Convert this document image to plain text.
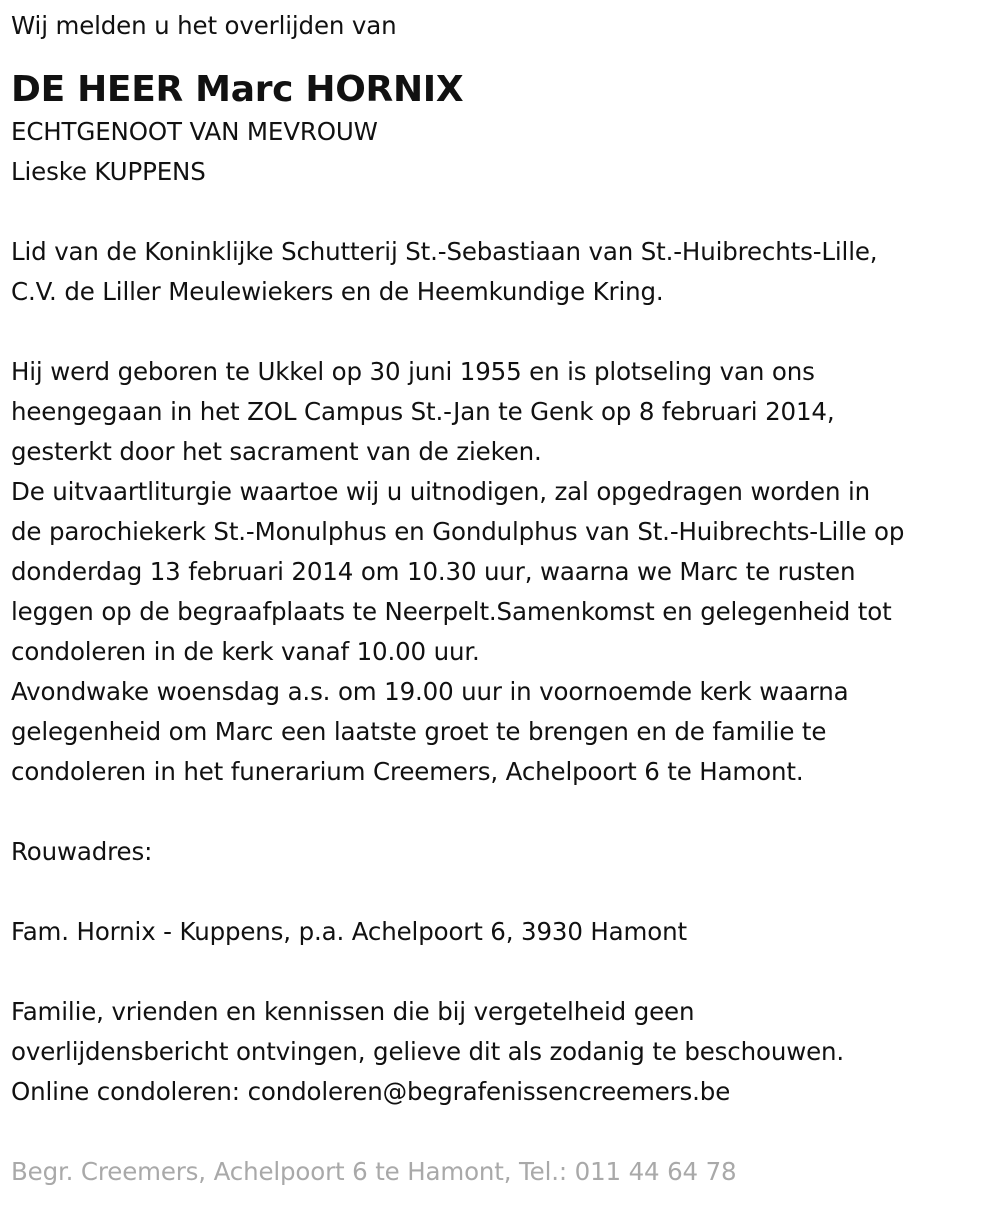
Wij melden u het overlijden van
DE HEER Marc HORNIX
ECHTGENOOT VAN MEVROUW
Lieske KUPPENS
Lid van de Koninklijke Schutterij St.-Sebastiaan van St.-Huibrechts-Lille,
C.V. de Liller Meulewiekers en de Heemkundige Kring.
Hij werd geboren te Ukkel op 30 juni 1955 en is plotseling van ons
heengegaan in het ZOL Campus St.-Jan te Genk op 8 februari 2014,
gesterkt door het sacrament van de zieken.
De uitvaartliturgie waartoe wij u uitnodigen, zal opgedragen worden in
de parochiekerk St.-Monulphus en Gondulphus van St.-Huibrechts-Lille op
donderdag 13 februari 2014 om 10.30 uur, waarna we Marc te rusten
leggen op de begraafplaats te Neerpelt.Samenkomst en gelegenheid tot
condoleren in de kerk vanaf 10.00 uur.
Avondwake woensdag a.s. om 19.00 uur in voornoemde kerk waarna
gelegenheid om Marc een laatste groet te brengen en de familie te
condoleren in het funerarium Creemers, Achelpoort 6 te Hamont.
Rouwadres:
Fam. Hornix - Kuppens, p.a. Achelpoort 6, 3930 Hamont
Familie, vrienden en kennissen die bij vergetelheid geen
overlijdensbericht ontvingen, gelieve dit als zodanig te beschouwen.
Online condoleren: condoleren@begrafenissencreemers.be
Begr. Creemers, Achelpoort 6 te Hamont, Tel.: 011 44 64 78
